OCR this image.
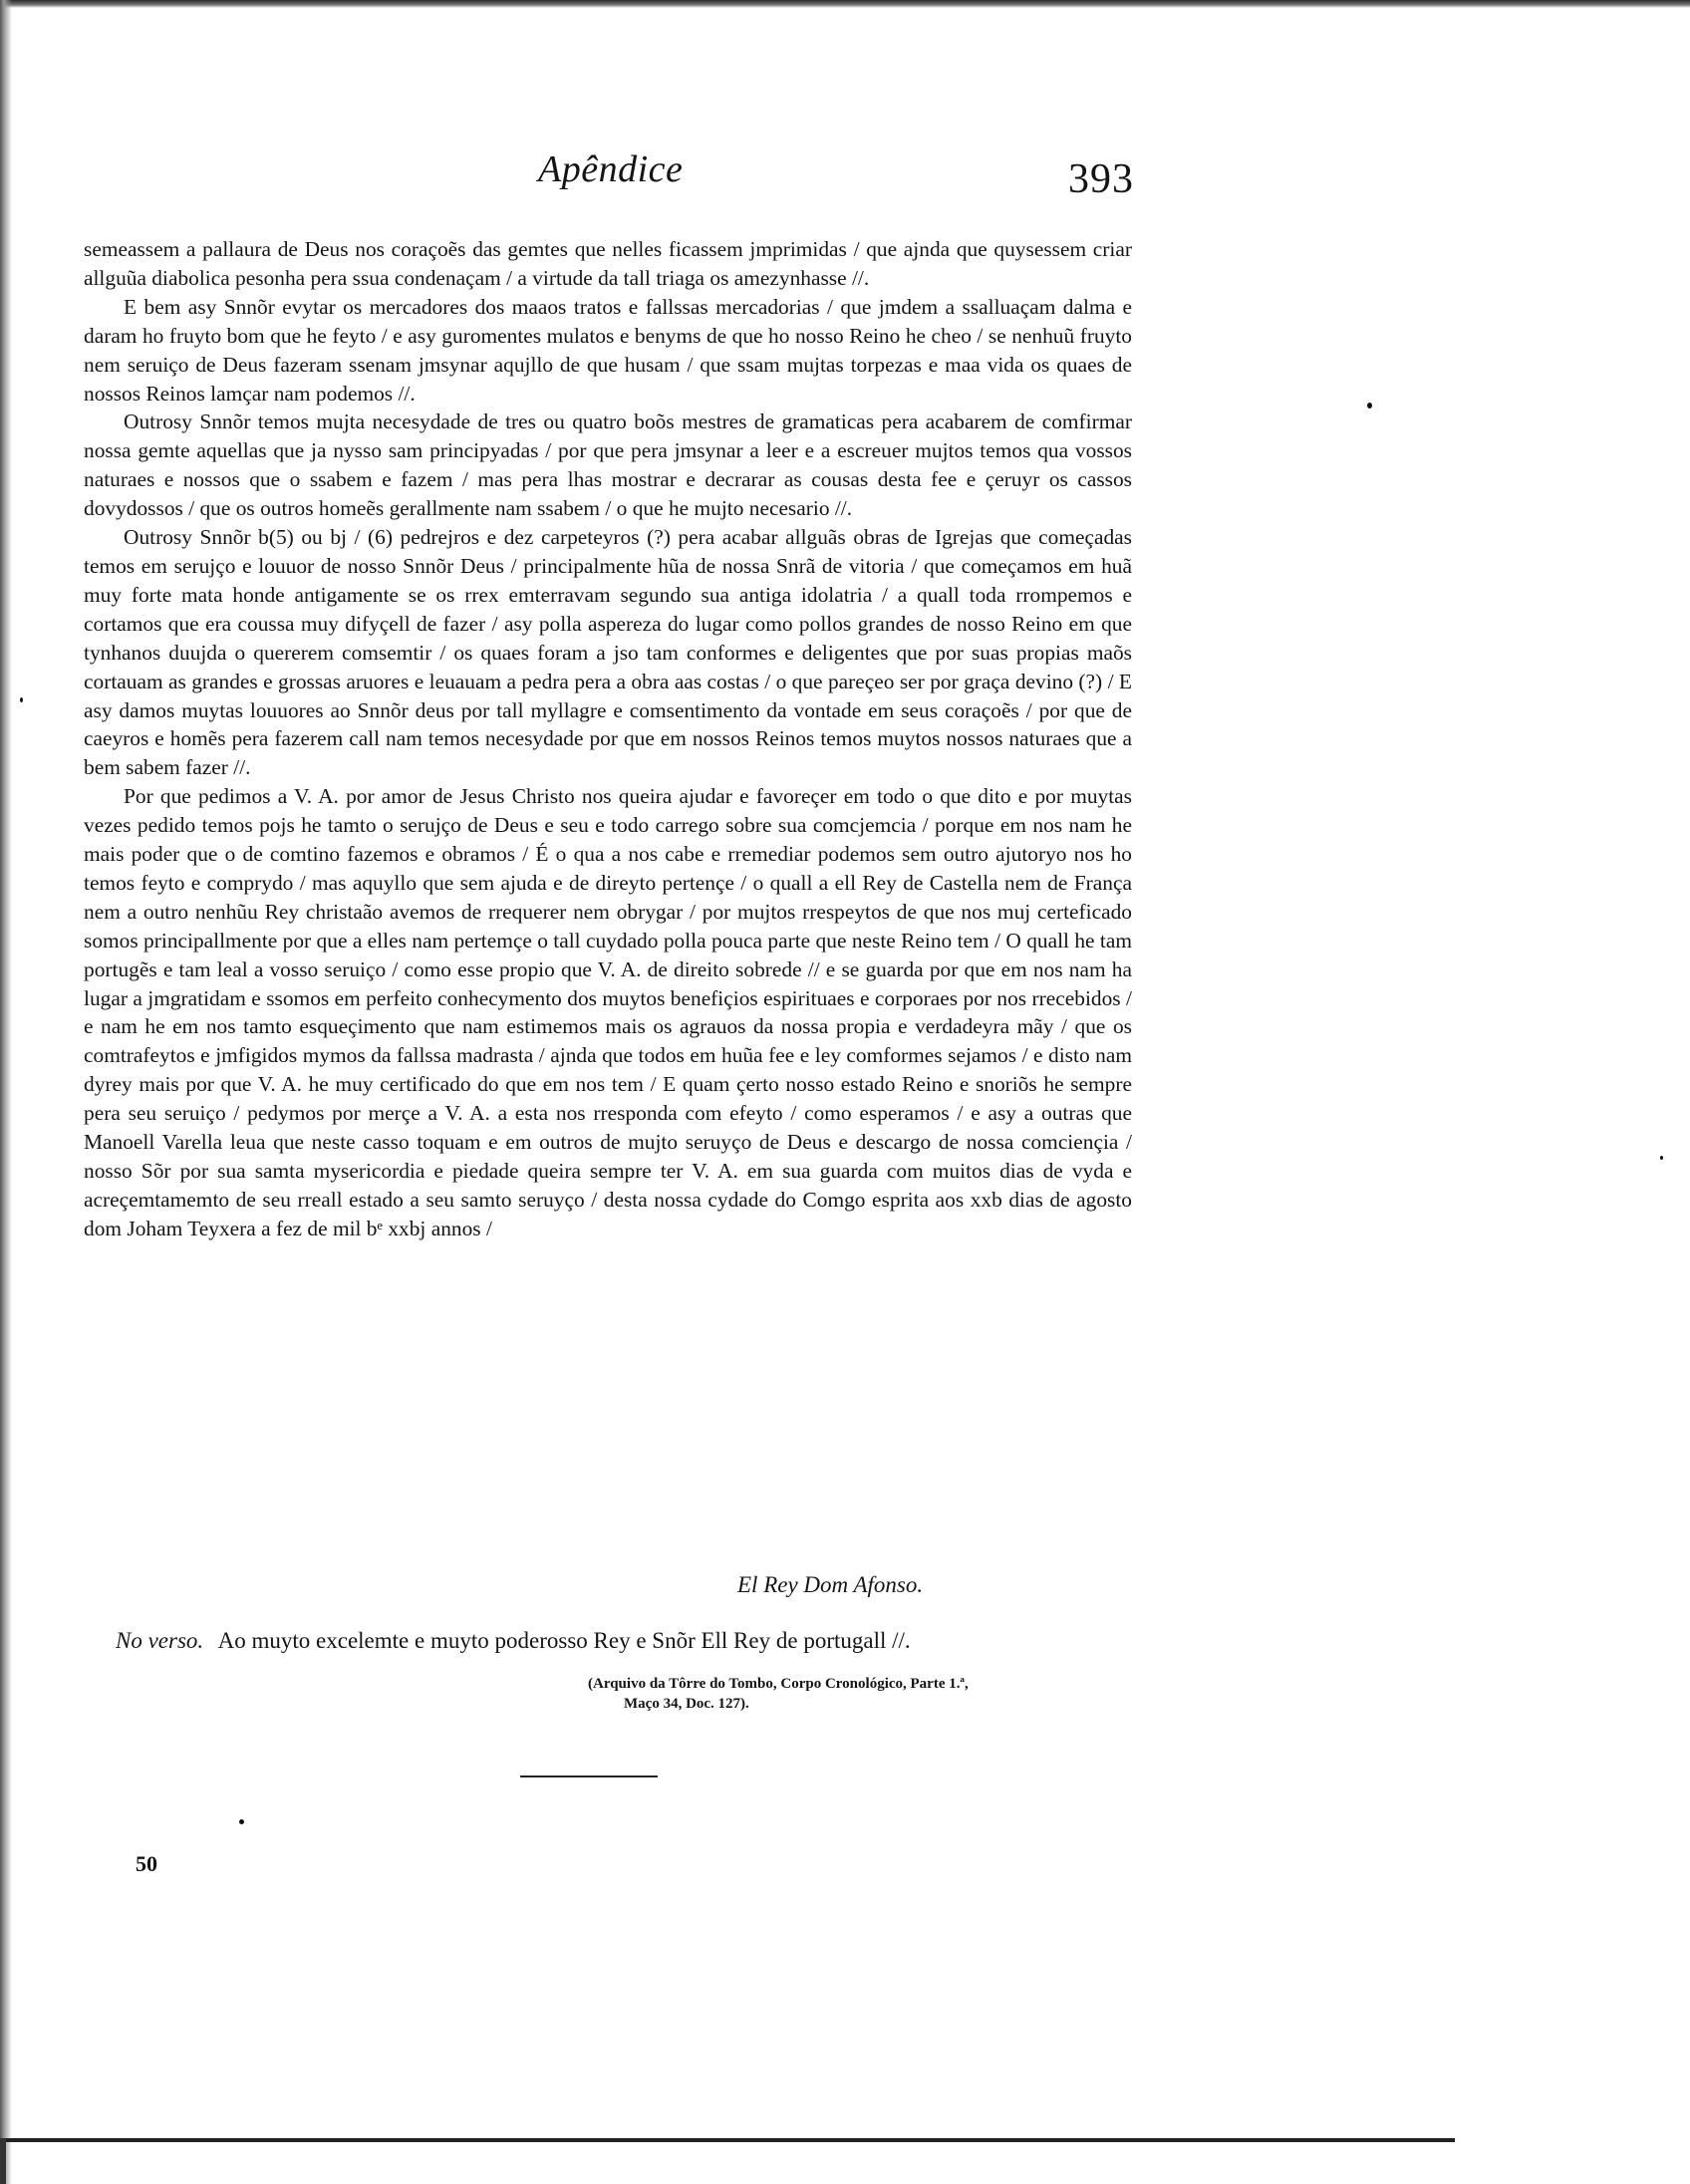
Apêndice	393

semeassem a pallaura de Deus nos coraçoẽs das gemtes que nelles ficassem jmprimidas / que ajnda que quysessem criar allguũa diabolica pesonha pera ssua condenaçam / a virtude da tall triaga os amezynhasse //.

E bem asy Snnõr evytar os mercadores dos maaos tratos e fallssas mercadorias / que jmdem a ssalluaçam dalma e daram ho fruyto bom que he feyto / e asy guromentes mulatos e benyms de que ho nosso Reino he cheo / se nenhuũ fruyto nem seruiço de Deus fazeram ssenam jmsynar aqujllo de que husam / que ssam mujtas torpezas e maa vida os quaes de nossos Reinos lamçar nam podemos //.

Outrosy Snnõr temos mujta necesydade de tres ou quatro boõs mestres de gramaticas pera acabarem de comfirmar nossa gemte aquellas que ja nysso sam principyadas / por que pera jmsynar a leer e a escreuer mujtos temos qua vossos naturaes e nossos que o ssabem e fazem / mas pera lhas mostrar e decrarar as cousas desta fee e çeruyr os cassos dovydossos / que os outros homeẽs gerallmente nam ssabem / o que he mujto necesario //.

Outrosy Snnõr b(5) ou bj / (6) pedrejros e dez carpeteyros (?) pera acabar allguãs obras de Igrejas que começadas temos em serujço e louuor de nosso Snnõr Deus / principalmente hũa de nossa Snrã de vitoria / que começamos em huã muy forte mata honde antigamente se os rrex emterravam segundo sua antiga idolatria / a quall toda rrompemos e cortamos que era coussa muy difyçell de fazer / asy polla aspereza do lugar como pollos grandes de nosso Reino em que tynhanos duujda o quererem comsemtir / os quaes foram a jso tam conformes e deligentes que por suas propias maõs cortauam as grandes e grossas aruores e leuauam a pedra pera a obra aas costas / o que pareçeo ser por graça devino (?) / E asy damos muytas louuores ao Snnõr deus por tall myllagre e comsentimento da vontade em seus coraçoẽs / por que de caeyros e homẽs pera fazerem call nam temos necesydade por que em nossos Reinos temos muytos nossos naturaes que a bem sabem fazer //.

Por que pedimos a V. A. por amor de Jesus Christo nos queira ajudar e favoreçer em todo o que dito e por muytas vezes pedido temos pojs he tamto o serujço de Deus e seu e todo carrego sobre sua comcjemcia / porque em nos nam he mais poder que o de comtino fazemos e obramos / É o qua a nos cabe e rremediar podemos sem outro ajutoryo nos ho temos feyto e comprydo / mas aquyllo que sem ajuda e de direyto pertençe / o quall a ell Rey de Castella nem de França nem a outro nenhũu Rey christaão avemos de rrequerer nem obrygar / por mujtos rrespeytos de que nos muj certeficado somos principallmente por que a elles nam pertemçe o tall cuydado polla pouca parte que neste Reino tem / O quall he tam portugẽs e tam leal a vosso seruiço / como esse propio que V. A. de direito sobrede // e se guarda por que em nos nam ha lugar a jmgratidam e ssomos em perfeito conhecymento dos muytos benefiçios espirituaes e corporaes por nos rrecebidos / e nam he em nos tamto esqueçimento que nam estimemos mais os agrauos da nossa propia e verdadeyra mãy / que os comtrafeytos e jmfigidos mymos da fallssa madrasta / ajnda que todos em huũa fee e ley comformes sejamos / e disto nam dyrey mais por que V. A. he muy certificado do que em nos tem / E quam çerto nosso estado Reino e snoriõs he sempre pera seu seruiço / pedymos por merçe a V. A. a esta nos rresponda com efeyto / como esperamos / e asy a outras que Manoell Varella leua que neste casso toquam e em outros de mujto seruyço de Deus e descargo de nossa comciençia / nosso Sõr por sua samta mysericordia e piedade queira sempre ter V. A. em sua guarda com muitos dias de vyda e acreçemtamemto de seu rreall estado a seu samto seruyço / desta nossa cydade do Comgo esprita aos xxb dias de agosto dom Joham Teyxera a fez de mil bᵉ xxbj annos /

El Rey Dom Afonso.
No verso. Ao muyto excelemte e muyto poderosso Rey e Snõr Ell Rey de portugall //.
(Arquivo da Tôrre do Tombo, Corpo Cronológico, Parte 1.ª,
Maço 34, Doc. 127).
50
